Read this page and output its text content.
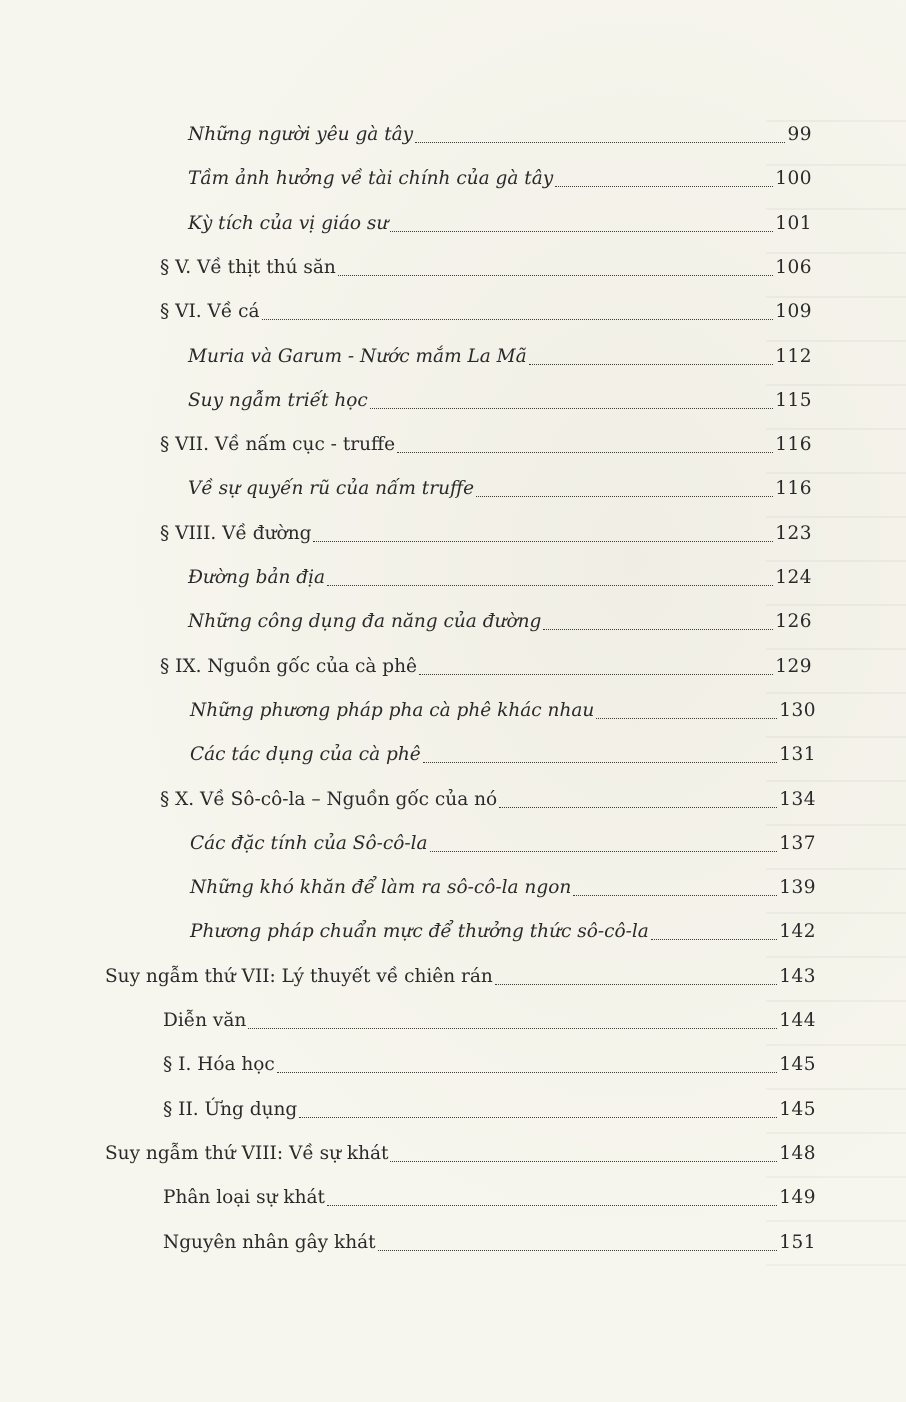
Những người yêu gà tây	99
Tầm ảnh hưởng về tài chính của gà tây	100
Kỳ tích của vị giáo sư	101
§ V. Về thịt thú săn	106
§ VI. Về cá	109
Muria và Garum - Nước mắm La Mã	112
Suy ngẫm triết học	115
§ VII. Về nấm cục - truffe	116
Về sự quyến rũ của nấm truffe	116
§ VIII. Về đường	123
Đường bản địa	124
Những công dụng đa năng của đường	126
§ IX. Nguồn gốc của cà phê	129
Những phương pháp pha cà phê khác nhau	130
Các tác dụng của cà phê	131
§ X. Về Sô-cô-la – Nguồn gốc của nó	134
Các đặc tính của Sô-cô-la	137
Những khó khăn để làm ra sô-cô-la ngon	139
Phương pháp chuẩn mực để thưởng thức sô-cô-la	142
Suy ngẫm thứ VII: Lý thuyết về chiên rán	143
Diễn văn	144
§ I. Hóa học	145
§ II. Ứng dụng	145
Suy ngẫm thứ VIII: Về sự khát	148
Phân loại sự khát	149
Nguyên nhân gây khát	151
